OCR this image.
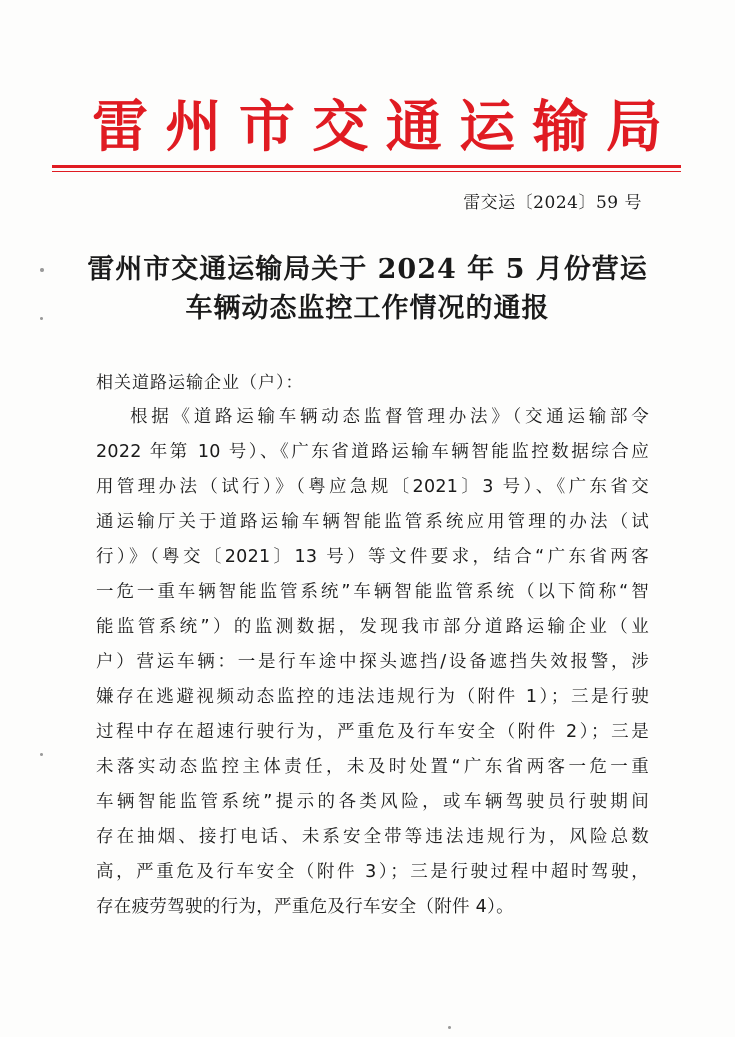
雷 州 市 交 通 运 输 局
雷交运〔2024〕59 号
雷州市交通运输局关于 2024 年 5 月份营运
车辆动态监控工作情况的通报
相关道路运输企业（户）：
根据《道路运输车辆动态监督管理办法》（交通运输部令
2022 年第 10 号）、《广东省道路运输车辆智能监控数据综合应
用管理办法（试行）》（粤应急规〔2021〕3 号）、《广东省交
通运输厅关于道路运输车辆智能监管系统应用管理的办法（试
行）》（粤交〔2021〕13 号）等文件要求，结合“广东省两客
一危一重车辆智能监管系统”车辆智能监管系统（以下简称“智
能监管系统”）的监测数据，发现我市部分道路运输企业（业
户）营运车辆：一是行车途中探头遮挡/设备遮挡失效报警，涉
嫌存在逃避视频动态监控的违法违规行为（附件 1）；三是行驶
过程中存在超速行驶行为，严重危及行车安全（附件 2）；三是
未落实动态监控主体责任，未及时处置“广东省两客一危一重
车辆智能监管系统”提示的各类风险，或车辆驾驶员行驶期间
存在抽烟、接打电话、未系安全带等违法违规行为，风险总数
高，严重危及行车安全（附件 3）；三是行驶过程中超时驾驶，
存在疲劳驾驶的行为，严重危及行车安全（附件 4）。
